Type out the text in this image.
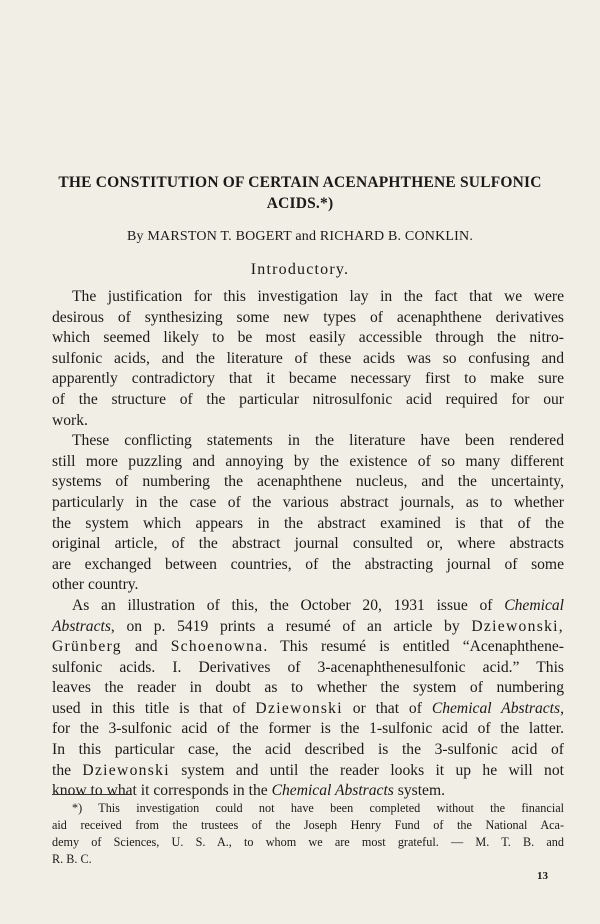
THE CONSTITUTION OF CERTAIN ACENAPHTHENE SULFONIC
ACIDS.*)
By MARSTON T. BOGERT and RICHARD B. CONKLIN.
Introductory.
The justification for this investigation lay in the fact that we were
desirous of synthesizing some new types of acenaphthene derivatives
which seemed likely to be most easily accessible through the nitro-
sulfonic acids, and the literature of these acids was so confusing and
apparently contradictory that it became necessary first to make sure
of the structure of the particular nitrosulfonic acid required for our
work.
These conflicting statements in the literature have been rendered
still more puzzling and annoying by the existence of so many different
systems of numbering the acenaphthene nucleus, and the uncertainty,
particularly in the case of the various abstract journals, as to whether
the system which appears in the abstract examined is that of the
original article, of the abstract journal consulted or, where abstracts
are exchanged between countries, of the abstracting journal of some
other country.
As an illustration of this, the October 20, 1931 issue of Chemical
Abstracts, on p. 5419 prints a resumé of an article by Dziewonski,
Grünberg and Schoenowna. This resumé is entitled “Acenaphthene-
sulfonic acids. I. Derivatives of 3-acenaphthenesulfonic acid.” This
leaves the reader in doubt as to whether the system of numbering
used in this title is that of Dziewonski or that of Chemical Abstracts,
for the 3-sulfonic acid of the former is the 1-sulfonic acid of the latter.
In this particular case, the acid described is the 3-sulfonic acid of
the Dziewonski system and until the reader looks it up he will not
know to what it corresponds in the Chemical Abstracts system.
*) This investigation could not have been completed without the financial
aid received from the trustees of the Joseph Henry Fund of the National Aca-
demy of Sciences, U. S. A., to whom we are most grateful. — M. T. B. and
R. B. C.
13
